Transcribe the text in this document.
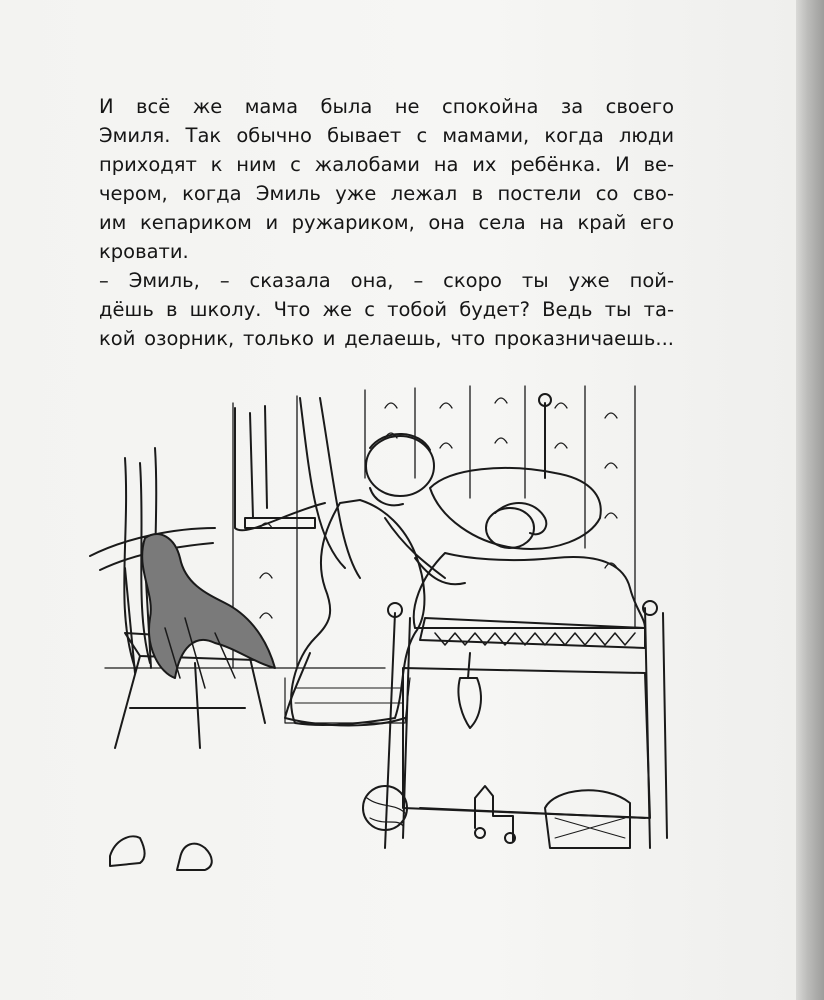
И всё же мама была не спокойна за своего
Эмиля. Так обычно бывает с мамами, когда люди
приходят к ним с жалобами на их ребёнка. И ве-
чером, когда Эмиль уже лежал в постели со сво-
им кепариком и ружариком, она села на край его
кровати.

– Эмиль, – сказала она, – скоро ты уже пой-
дёшь в школу. Что же с тобой будет? Ведь ты та-
кой озорник, только и делаешь, что проказничаешь...
